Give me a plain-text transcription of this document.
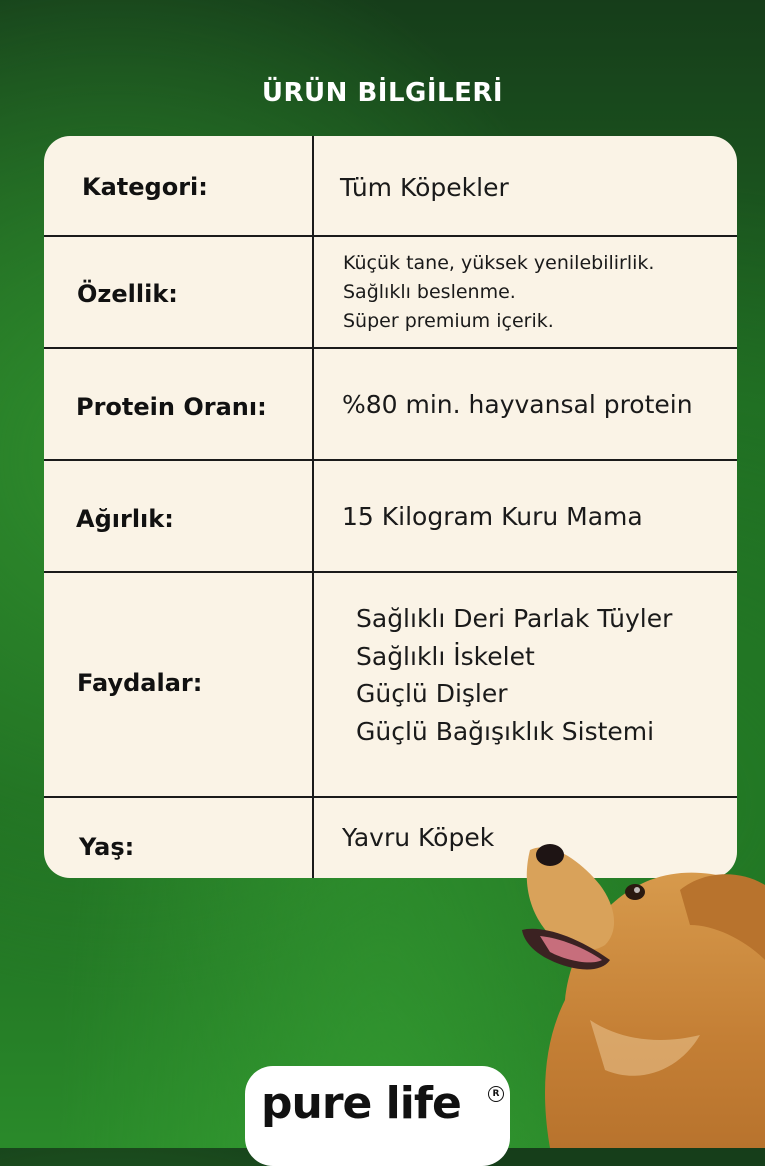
ÜRÜN BİLGİLERİ
Kategori:	Tüm Köpekler
Özellik:
Küçük tane, yüksek yenilebilirlik.
Sağlıklı beslenme.
Süper premium içerik.
Protein Oranı:	%80 min. hayvansal protein
Ağırlık:	15 Kilogram Kuru Mama
Faydalar:
Sağlıklı Deri Parlak Tüyler
Sağlıklı İskelet
Güçlü Dişler
Güçlü Bağışıklık Sistemi
Yaş:	Yavru Köpek
pure life	R
